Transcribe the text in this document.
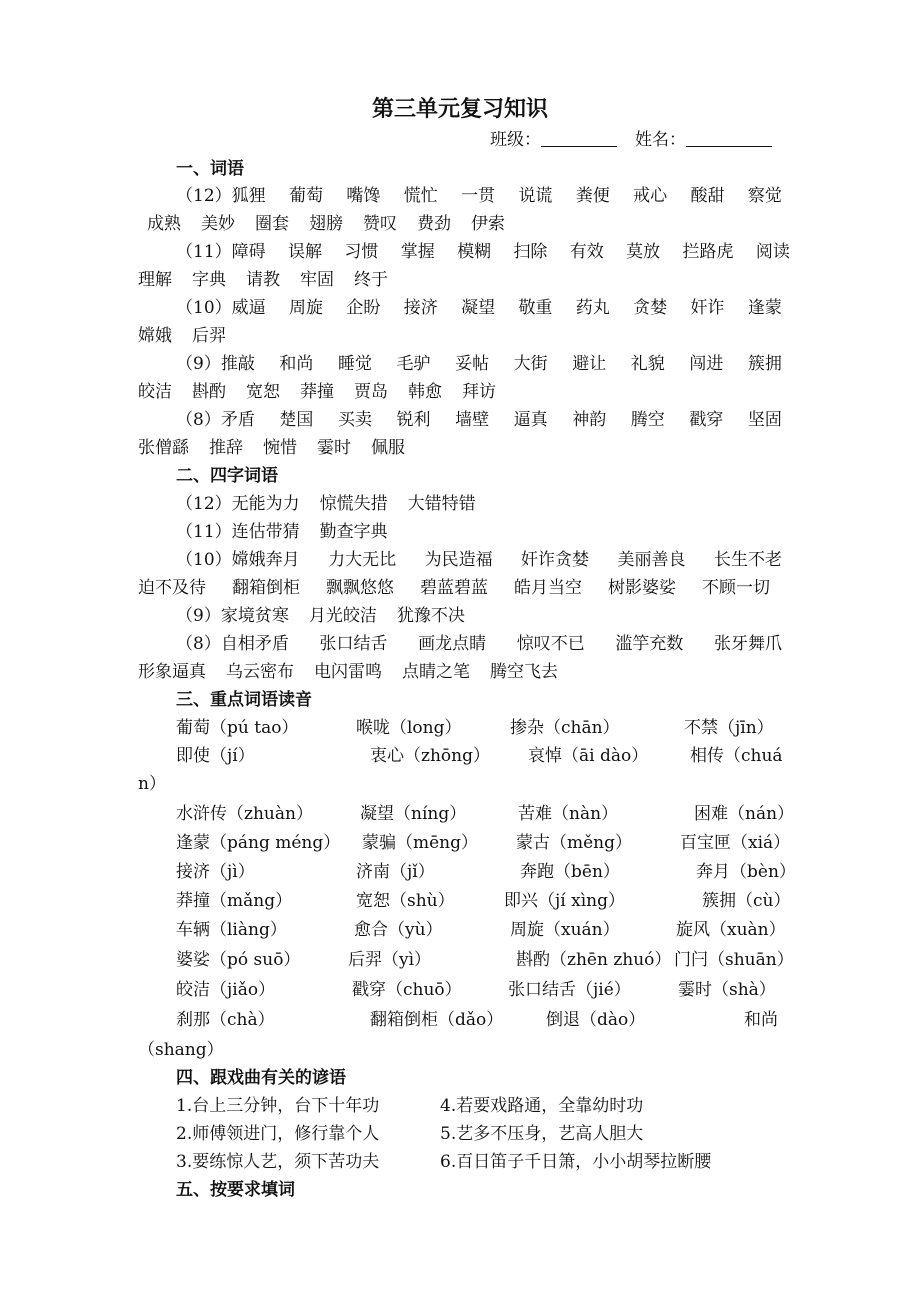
第三单元复习知识
班级：	姓名：
一、词语
（12）狐狸 葡萄 嘴馋 慌忙 一贯 说谎 粪便 戒心 酸甜 察觉
成熟 美妙 圈套 翅膀 赞叹 费劲 伊索
（11）障碍 误解 习惯 掌握 模糊 扫除 有效 莫放 拦路虎 阅读
理解 字典 请教 牢固 终于
（10）威逼 周旋 企盼 接济 凝望 敬重 药丸 贪婪 奸诈 逢蒙
嫦娥 后羿
（9）推敲 和尚 睡觉 毛驴 妥帖 大街 避让 礼貌 闯进 簇拥
皎洁 斟酌 宽恕 莽撞 贾岛 韩愈 拜访
（8）矛盾 楚国 买卖 锐利 墙壁 逼真 神韵 腾空 戳穿 坚固
张僧繇 推辞 惋惜 霎时 佩服
二、四字词语
（12）无能为力 惊慌失措 大错特错
（11）连估带猜 勤查字典
（10）嫦娥奔月 力大无比 为民造福 奸诈贪婪 美丽善良 长生不老
迫不及待 翻箱倒柜 飘飘悠悠 碧蓝碧蓝 皓月当空 树影婆娑 不顾一切
（9）家境贫寒 月光皎洁 犹豫不决
（8）自相矛盾 张口结舌 画龙点睛 惊叹不已 滥竽充数 张牙舞爪
形象逼真 乌云密布 电闪雷鸣 点睛之笔 腾空飞去
三、重点词语读音
葡萄（pú tao）	喉咙（long）	掺杂（chān）	不禁（jīn）
即使（jí）	衷心（zhōng） 哀悼（āi dào） 相传（chuá
n）
水浒传（zhuàn）	凝望（níng）	苦难（nàn）	困难（nán）
逢蒙（páng méng） 蒙骗（mēng） 蒙古（měng）	百宝匣（xiá）
接济（jì）	济南（jǐ）	奔跑（bēn）	奔月（bèn）
莽撞（mǎng）	宽恕（shù）	即兴（jí xìng）	簇拥（cù）
车辆（liàng）	愈合（yù）	周旋（xuán）	旋风（xuàn）
婆娑（pó suō）	后羿（yì）	斟酌（zhēn zhuó） 门闩（shuān）
皎洁（jiǎo）	戳穿（chuō）	张口结舌（jié）	霎时（shà）
刹那（chà）	翻箱倒柜（dǎo）	倒退（dào）	和尚
（shang）
四、跟戏曲有关的谚语
1.台上三分钟，台下十年功	4.若要戏路通，全靠幼时功
2.师傅领进门，修行靠个人	5.艺多不压身，艺高人胆大
3.要练惊人艺，须下苦功夫	6.百日笛子千日箫，小小胡琴拉断腰
五、按要求填词
